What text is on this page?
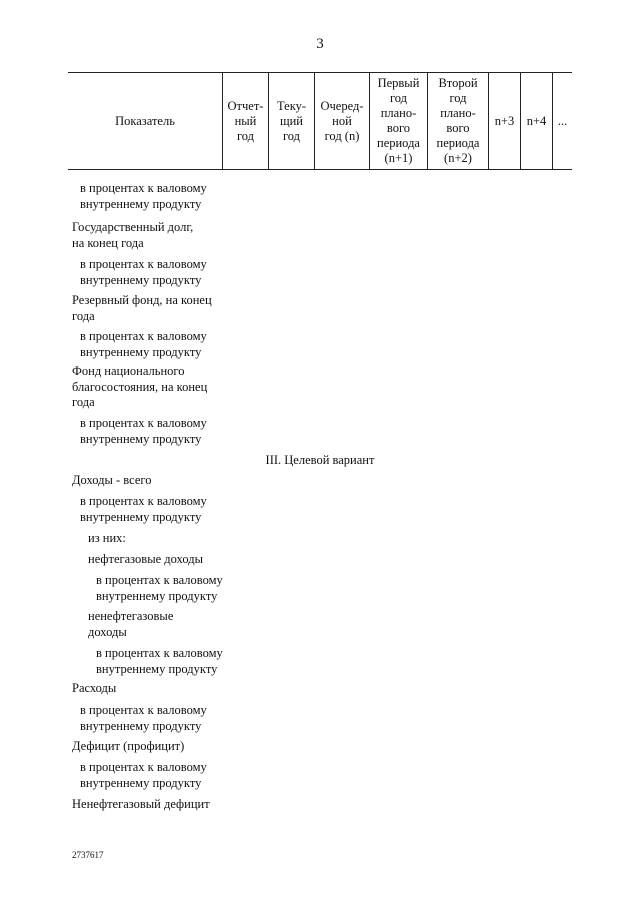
3
Показатель
Отчет-
ный
год
Теку-
щий
год
Очеред-
ной
год (n)
Первый
год
плано-
вого
периода
(n+1)
Второй
год
плано-
вого
периода
(n+2)
n+3 n+4 ...
в процентах к валовому
внутреннему продукту
Государственный долг,
на конец года
в процентах к валовому
внутреннему продукту
Резервный фонд, на конец
года
в процентах к валовому
внутреннему продукту
Фонд национального
благосостояния, на конец
года
в процентах к валовому
внутреннему продукту
III. Целевой вариант
Доходы - всего
в процентах к валовому
внутреннему продукту
из них:
нефтегазовые доходы
в процентах к валовому
внутреннему продукту
ненефтегазовые
доходы
в процентах к валовому
внутреннему продукту
Расходы
в процентах к валовому
внутреннему продукту
Дефицит (профицит)
в процентах к валовому
внутреннему продукту
Ненефтегазовый дефицит
2737617
